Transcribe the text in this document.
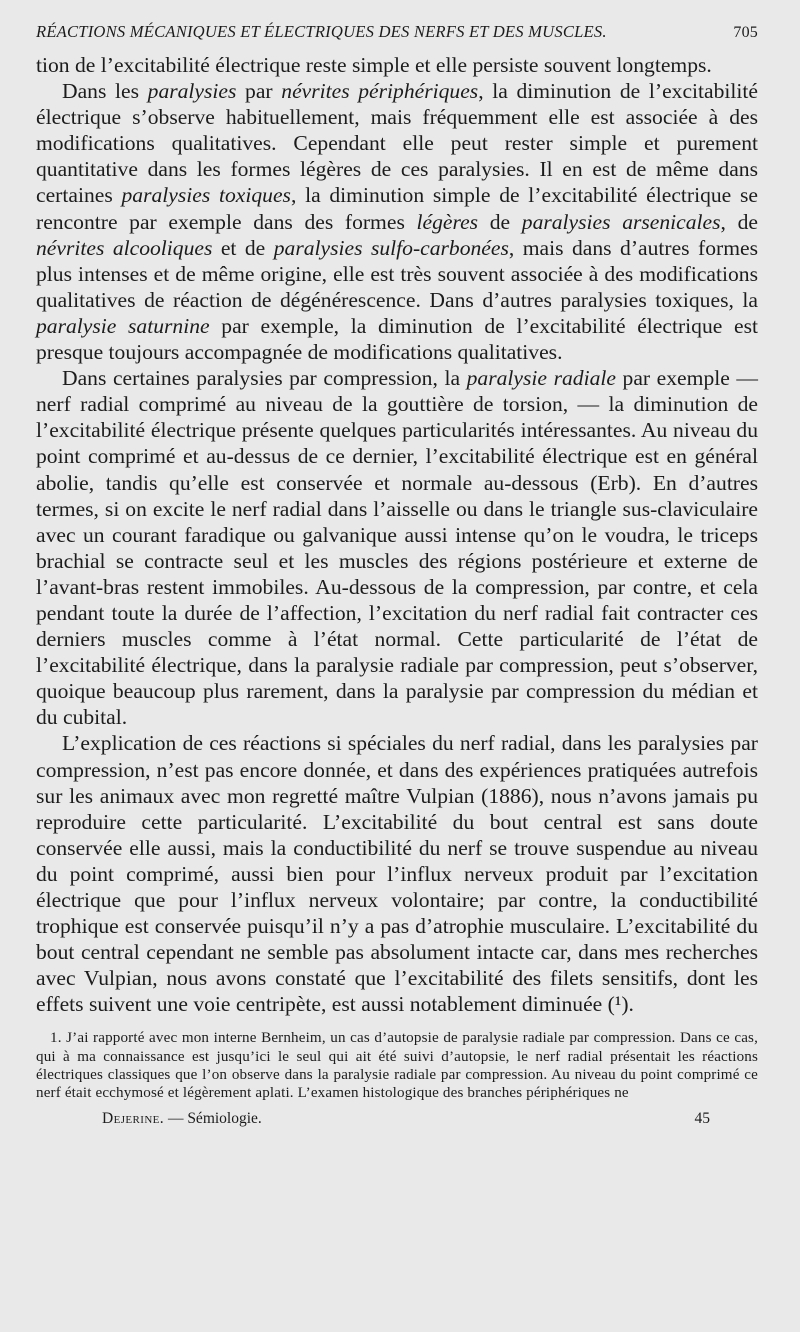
RÉACTIONS MÉCANIQUES ET ÉLECTRIQUES DES NERFS ET DES MUSCLES.	705

tion de l’excitabilité électrique reste simple et elle persiste souvent longtemps.

Dans les paralysies par névrites périphériques, la diminution de l’excitabilité électrique s’observe habituellement, mais fréquemment elle est associée à des modifications qualitatives. Cependant elle peut rester simple et purement quantitative dans les formes légères de ces paralysies. Il en est de même dans certaines paralysies toxiques, la diminution simple de l’excitabilité électrique se rencontre par exemple dans des formes légères de paralysies arsenicales, de névrites alcooliques et de paralysies sulfo-carbonées, mais dans d’autres formes plus intenses et de même origine, elle est très souvent associée à des modifications qualitatives de réaction de dégénérescence. Dans d’autres paralysies toxiques, la paralysie saturnine par exemple, la diminution de l’excitabilité électrique est presque toujours accompagnée de modifications qualitatives.

Dans certaines paralysies par compression, la paralysie radiale par exemple — nerf radial comprimé au niveau de la gouttière de torsion, — la diminution de l’excitabilité électrique présente quelques particularités intéressantes. Au niveau du point comprimé et au-dessus de ce dernier, l’excitabilité électrique est en général abolie, tandis qu’elle est conservée et normale au-dessous (Erb). En d’autres termes, si on excite le nerf radial dans l’aisselle ou dans le triangle sus-claviculaire avec un courant faradique ou galvanique aussi intense qu’on le voudra, le triceps brachial se contracte seul et les muscles des régions postérieure et externe de l’avant-bras restent immobiles. Au-dessous de la compression, par contre, et cela pendant toute la durée de l’affection, l’excitation du nerf radial fait contracter ces derniers muscles comme à l’état normal. Cette particularité de l’état de l’excitabilité électrique, dans la paralysie radiale par compression, peut s’observer, quoique beaucoup plus rarement, dans la paralysie par compression du médian et du cubital.

L’explication de ces réactions si spéciales du nerf radial, dans les paralysies par compression, n’est pas encore donnée, et dans des expériences pratiquées autrefois sur les animaux avec mon regretté maître Vulpian (1886), nous n’avons jamais pu reproduire cette particularité. L’excitabilité du bout central est sans doute conservée elle aussi, mais la conductibilité du nerf se trouve suspendue au niveau du point comprimé, aussi bien pour l’influx nerveux produit par l’excitation électrique que pour l’influx nerveux volontaire; par contre, la conductibilité trophique est conservée puisqu’il n’y a pas d’atrophie musculaire. L’excitabilité du bout central cependant ne semble pas absolument intacte car, dans mes recherches avec Vulpian, nous avons constaté que l’excitabilité des filets sensitifs, dont les effets suivent une voie centripète, est aussi notablement diminuée (¹).

1. J’ai rapporté avec mon interne Bernheim, un cas d’autopsie de paralysie radiale par compression. Dans ce cas, qui à ma connaissance est jusqu’ici le seul qui ait été suivi d’autopsie, le nerf radial présentait les réactions électriques classiques que l’on observe dans la paralysie radiale par compression. Au niveau du point comprimé ce nerf était ecchymosé et légèrement aplati. L’examen histologique des branches périphériques ne

Dejerine. — Sémiologie.	45
